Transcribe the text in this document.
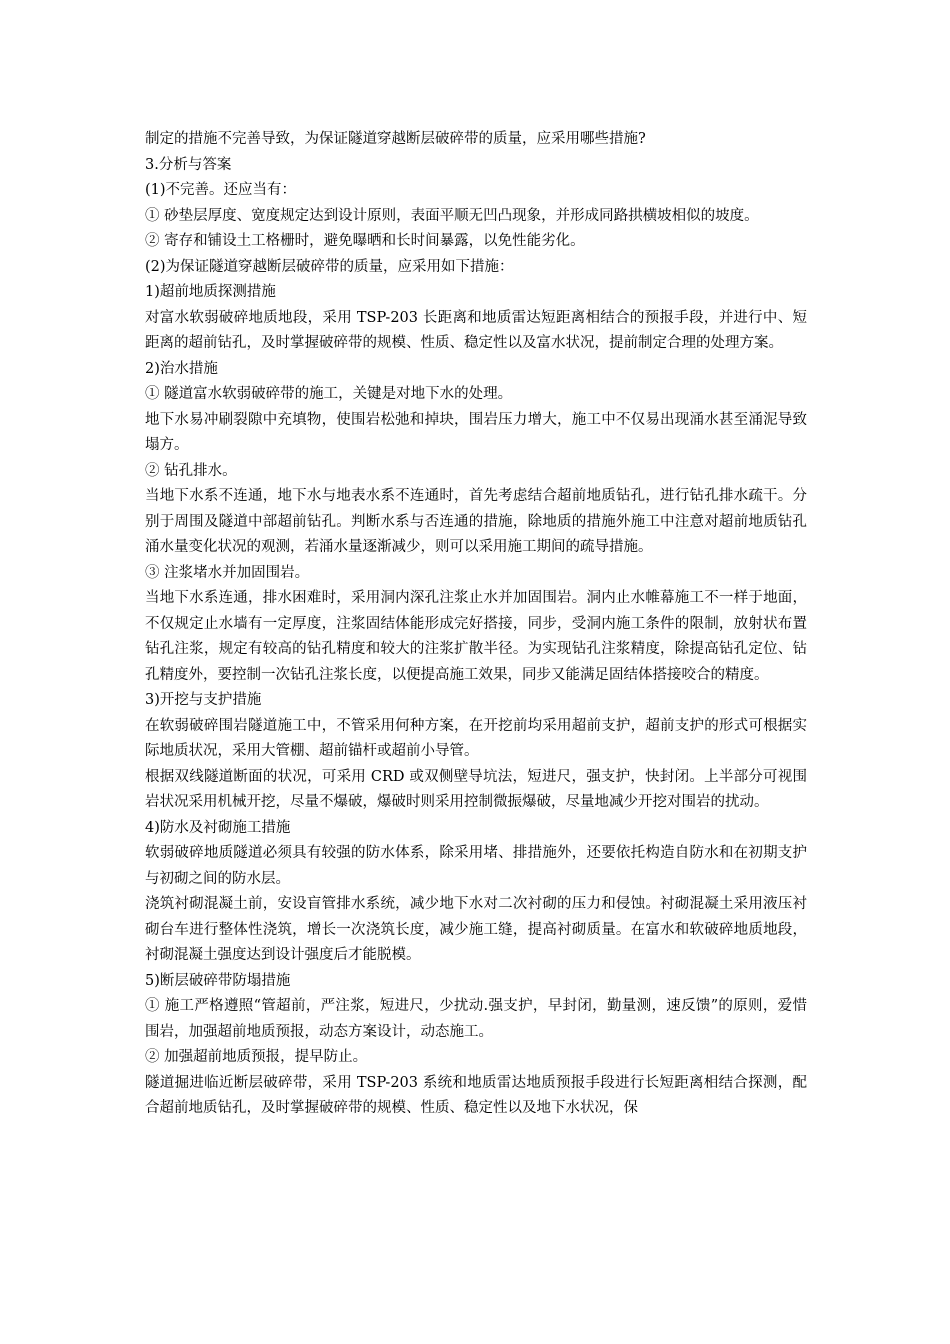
制定的措施不完善导致，为保证隧道穿越断层破碎带的质量，应采用哪些措施?

3.分析与答案

(1)不完善。还应当有：

① 砂垫层厚度、宽度规定达到设计原则，表面平顺无凹凸现象，并形成同路拱横坡相似的坡度。

② 寄存和铺设土工格栅时，避免曝晒和长时间暴露，以免性能劣化。

(2)为保证隧道穿越断层破碎带的质量，应采用如下措施：

1)超前地质探测措施

对富水软弱破碎地质地段，采用 TSP-203 长距离和地质雷达短距离相结合的预报手段，并进行中、短距离的超前钻孔，及时掌握破碎带的规模、性质、稳定性以及富水状况，提前制定合理的处理方案。

2)治水措施

① 隧道富水软弱破碎带的施工，关键是对地下水的处理。

地下水易冲刷裂隙中充填物，使围岩松弛和掉块，围岩压力增大，施工中不仅易出现涌水甚至涌泥导致塌方。

② 钻孔排水。

当地下水系不连通，地下水与地表水系不连通时，首先考虑结合超前地质钻孔，进行钻孔排水疏干。分别于周围及隧道中部超前钻孔。判断水系与否连通的措施，除地质的措施外施工中注意对超前地质钻孔涌水量变化状况的观测，若涌水量逐渐减少，则可以采用施工期间的疏导措施。

③ 注浆堵水并加固围岩。

当地下水系连通，排水困难时，采用洞内深孔注浆止水并加固围岩。洞内止水帷幕施工不一样于地面，不仅规定止水墙有一定厚度，注浆固结体能形成完好搭接，同步，受洞内施工条件的限制，放射状布置钻孔注浆，规定有较高的钻孔精度和较大的注浆扩散半径。为实现钻孔注浆精度，除提高钻孔定位、钻孔精度外，要控制一次钻孔注浆长度，以便提高施工效果，同步又能满足固结体搭接咬合的精度。

3)开挖与支护措施

在软弱破碎围岩隧道施工中，不管采用何种方案，在开挖前均采用超前支护，超前支护的形式可根据实际地质状况，采用大管棚、超前锚杆或超前小导管。

根据双线隧道断面的状况，可采用 CRD 或双侧壁导坑法，短进尺，强支护，快封闭。上半部分可视围岩状况采用机械开挖，尽量不爆破，爆破时则采用控制微振爆破，尽量地减少开挖对围岩的扰动。

4)防水及衬砌施工措施

软弱破碎地质隧道必须具有较强的防水体系，除采用堵、排措施外，还要依托构造自防水和在初期支护与初砌之间的防水层。

浇筑衬砌混凝土前，安设盲管排水系统，减少地下水对二次衬砌的压力和侵蚀。衬砌混凝土采用液压衬砌台车进行整体性浇筑，增长一次浇筑长度，减少施工缝，提高衬砌质量。在富水和软破碎地质地段，衬砌混凝土强度达到设计强度后才能脱模。

5)断层破碎带防塌措施

① 施工严格遵照“管超前，严注浆，短进尺，少扰动.强支护，早封闭，勤量测，速反馈”的原则，爱惜围岩，加强超前地质预报，动态方案设计，动态施工。

② 加强超前地质预报，提早防止。

隧道掘进临近断层破碎带，采用 TSP-203 系统和地质雷达地质预报手段进行长短距离相结合探测，配合超前地质钻孔，及时掌握破碎带的规模、性质、稳定性以及地下水状况，保
